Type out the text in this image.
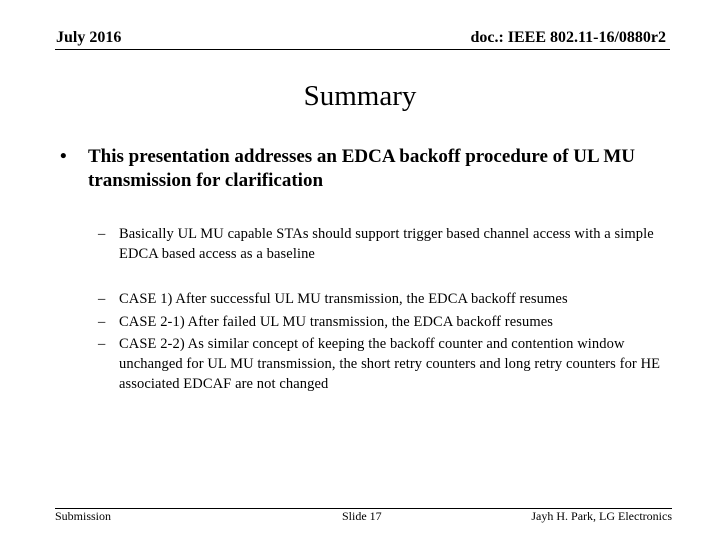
July 2016	doc.: IEEE 802.11-16/0880r2
Summary
• This presentation addresses an EDCA backoff procedure of UL MU transmission for clarification
– Basically UL MU capable STAs should support trigger based channel access with a simple EDCA based access as a baseline
– CASE 1) After successful UL MU transmission, the EDCA backoff resumes
– CASE 2-1) After failed UL MU transmission, the EDCA backoff resumes
– CASE 2-2) As similar concept of keeping the backoff counter and contention window unchanged for UL MU transmission, the short retry counters and long retry counters for HE associated EDCAF are not changed
Submission	Slide 17	Jayh H. Park, LG Electronics
